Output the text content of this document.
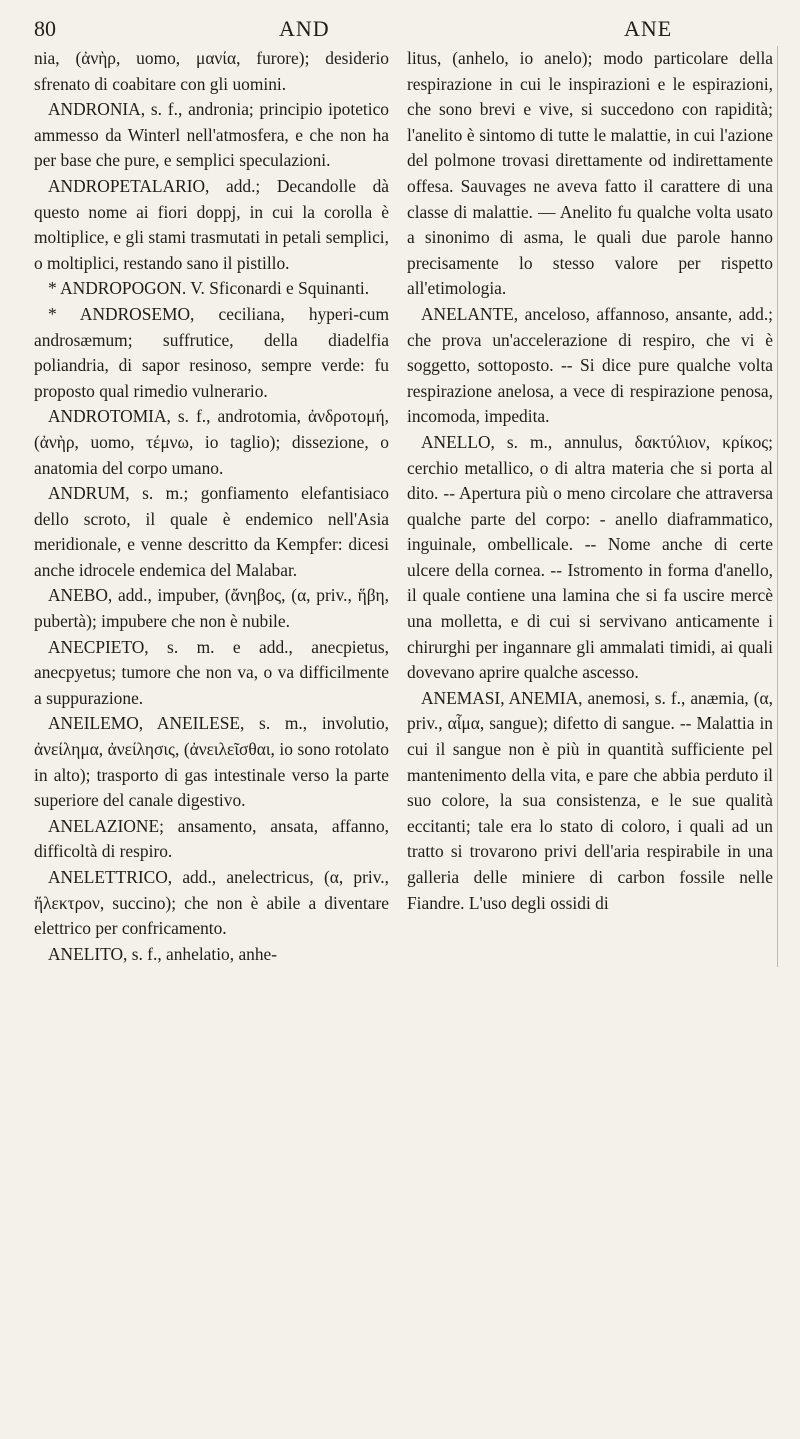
80	AND	ANE

nia, (ἀνὴρ, uomo, μανία, furore); desiderio sfrenato di coabitare con gli uomini.

ANDRONIA, s. f., andronia; principio ipotetico ammesso da Winterl nell'atmosfera, e che non ha per base che pure, e semplici speculazioni.

ANDROPETALARIO, add.; Decandolle dà questo nome ai fiori doppj, in cui la corolla è moltiplice, e gli stami trasmutati in petali semplici, o moltiplici, restando sano il pistillo.

* ANDROPOGON. V. Sficonardi e Squinanti.

* ANDROSEMO, ceciliana, hyperi-cum androsæmum; suffrutice, della diadelfia poliandria, di sapor resinoso, sempre verde: fu proposto qual rimedio vulnerario.

ANDROTOMIA, s. f., androtomia, ἀνδροτομή, (ἀνὴρ, uomo, τέμνω, io taglio); dissezione, o anatomia del corpo umano.

ANDRUM, s. m.; gonfiamento elefantisiaco dello scroto, il quale è endemico nell'Asia meridionale, e venne descritto da Kempfer: dicesi anche idrocele endemica del Malabar.

ANEBO, add., impuber, (ἄνηβος, (α, priv., ἥβη, pubertà); impubere che non è nubile.

ANECPIETO, s. m. e add., anecpietus, anecpyetus; tumore che non va, o va difficilmente a suppurazione.

ANEILEMO, ANEILESE, s. m., involutio, ἀνείλημα, ἀνείλησις, (ἀνειλεῖσθαι, io sono rotolato in alto); trasporto di gas intestinale verso la parte superiore del canale digestivo.

ANELAZIONE; ansamento, ansata, affanno, difficoltà di respiro.

ANELETTRICO, add., anelectricus, (α, priv., ἤλεκτρον, succino); che non è abile a diventare elettrico per confricamento.

ANELITO, s. f., anhelatio, anhe-

litus, (anhelo, io anelo); modo particolare della respirazione in cui le inspirazioni e le espirazioni, che sono brevi e vive, si succedono con rapidità; l'anelito è sintomo di tutte le malattie, in cui l'azione del polmone trovasi direttamente od indirettamente offesa. Sauvages ne aveva fatto il carattere di una classe di malattie. — Anelito fu qualche volta usato a sinonimo di asma, le quali due parole hanno precisamente lo stesso valore per rispetto all'etimologia.

ANELANTE, anceloso, affannoso, ansante, add.; che prova un'accelerazione di respiro, che vi è soggetto, sottoposto. -- Si dice pure qualche volta respirazione anelosa, a vece di respirazione penosa, incomoda, impedita.

ANELLO, s. m., annulus, δακτύλιον, κρίκος; cerchio metallico, o di altra materia che si porta al dito. -- Apertura più o meno circolare che attraversa qualche parte del corpo: - anello diaframmatico, inguinale, ombellicale. -- Nome anche di certe ulcere della cornea. -- Istromento in forma d'anello, il quale contiene una lamina che si fa uscire mercè una molletta, e di cui si servivano anticamente i chirurghi per ingannare gli ammalati timidi, ai quali dovevano aprire qualche ascesso.

ANEMASI, ANEMIA, anemosi, s. f., anæmia, (α, priv., αἷμα, sangue); difetto di sangue. -- Malattia in cui il sangue non è più in quantità sufficiente pel mantenimento della vita, e pare che abbia perduto il suo colore, la sua consistenza, e le sue qualità eccitanti; tale era lo stato di coloro, i quali ad un tratto si trovarono privi dell'aria respirabile in una galleria delle miniere di carbon fossile nelle Fiandre. L'uso degli ossidi di
